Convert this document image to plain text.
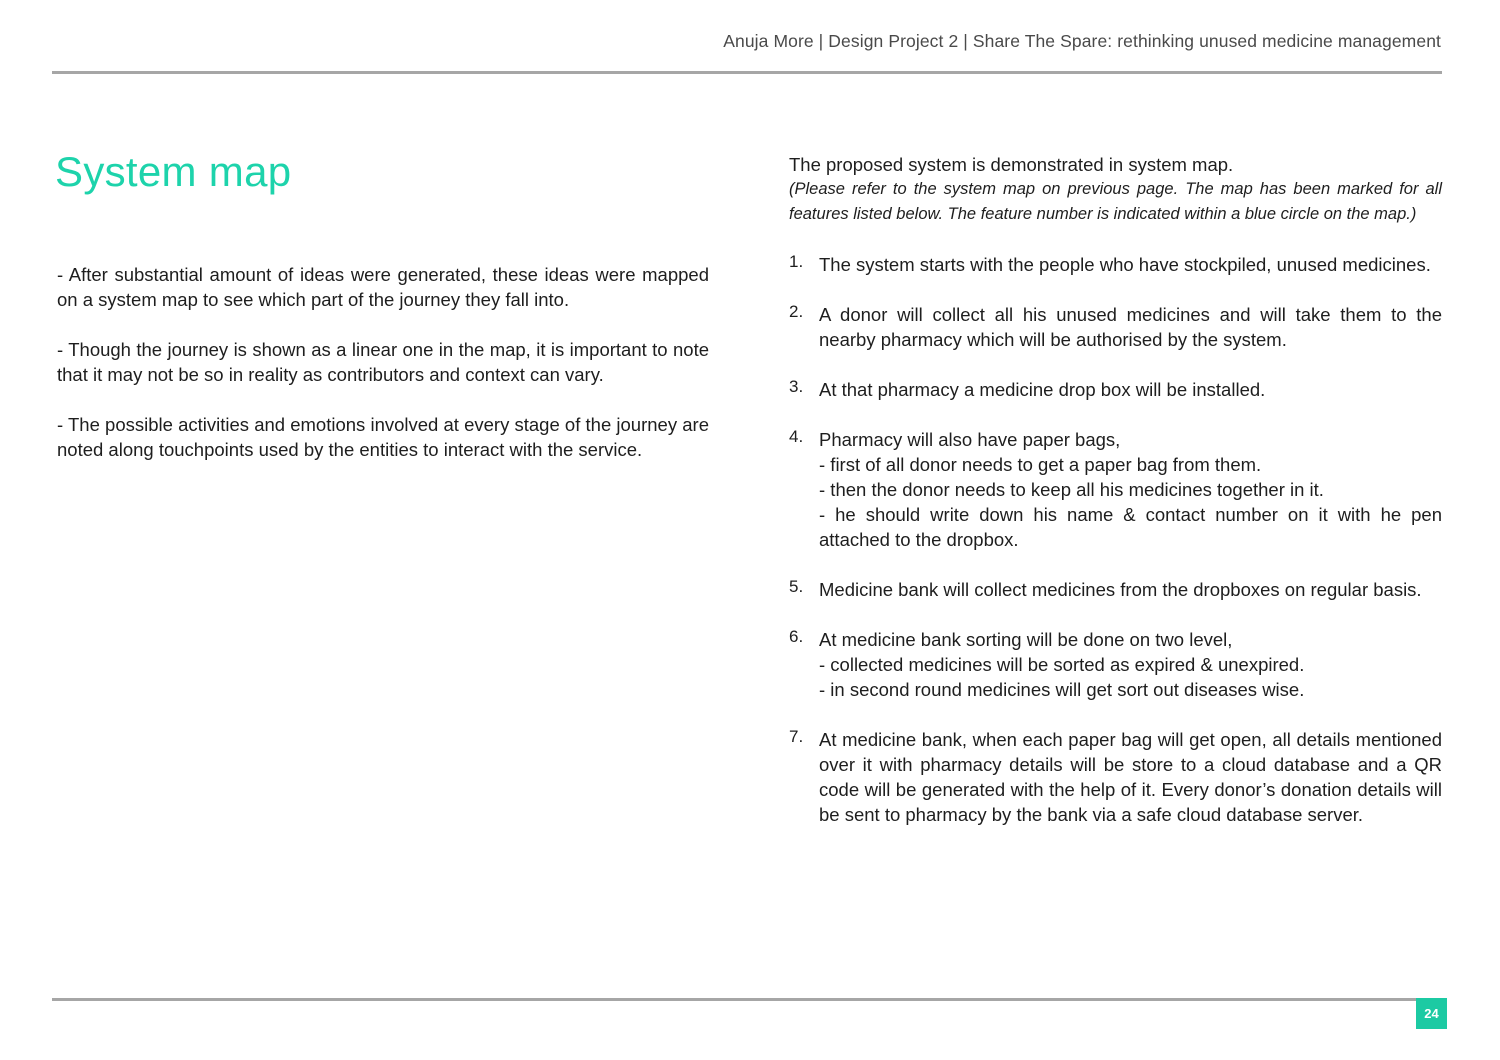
Anuja More | Design Project 2 | Share The Spare: rethinking unused medicine management
System map

- After substantial amount of ideas were generated, these ideas were mapped on a system map to see which part of the journey they fall into.

- Though the journey is shown as a linear one in the map, it is important to note that it may not be so in reality as contributors and context can vary.

- The possible activities and emotions involved at every stage of the journey are noted along touchpoints used by the entities to interact with the service.

The proposed system is demonstrated in system map.

(Please refer to the system map on previous page. The map has been marked for all features listed below. The feature number is indicated within a blue circle on the map.)

1. The system starts with the people who have stockpiled, unused medicines.
2. A donor will collect all his unused medicines and will take them to the nearby pharmacy which will be authorised by the system.
3. At that pharmacy a medicine drop box will be installed.
4. Pharmacy will also have paper bags,
- first of all donor needs to get a paper bag from them.
- then the donor needs to keep all his medicines together in it.
- he should write down his name & contact number on it with he pen attached to the dropbox.
5. Medicine bank will collect medicines from the dropboxes on regular basis.
6. At medicine bank sorting will be done on two level,
- collected medicines will be sorted as expired & unexpired.
- in second round medicines will get sort out diseases wise.
7. At medicine bank, when each paper bag will get open, all details mentioned over it with pharmacy details will be store to a cloud database and a QR code will be generated with the help of it. Every donor’s donation details will be sent to pharmacy by the bank via a safe cloud database server.
24
